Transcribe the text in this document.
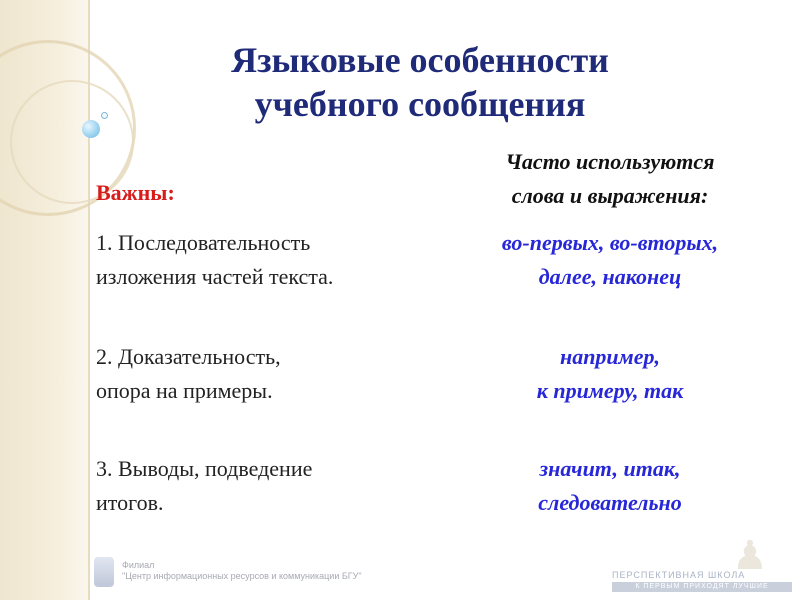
Языковые особенности
учебного сообщения
Важны:
Часто используются
слова и выражения:
1. Последовательность
изложения частей текста.
во-первых, во-вторых,
далее, наконец
2. Доказательность,
опора на примеры.
например,
к примеру, так
3. Выводы, подведение
итогов.
значит, итак,
следовательно
Филиал
"Центр информационных ресурсов и коммуникации БГУ"	♟
ПЕРСПЕКТИВНАЯ ШКОЛА
К ПЕРВЫМ ПРИХОДЯТ ЛУЧШИЕ
